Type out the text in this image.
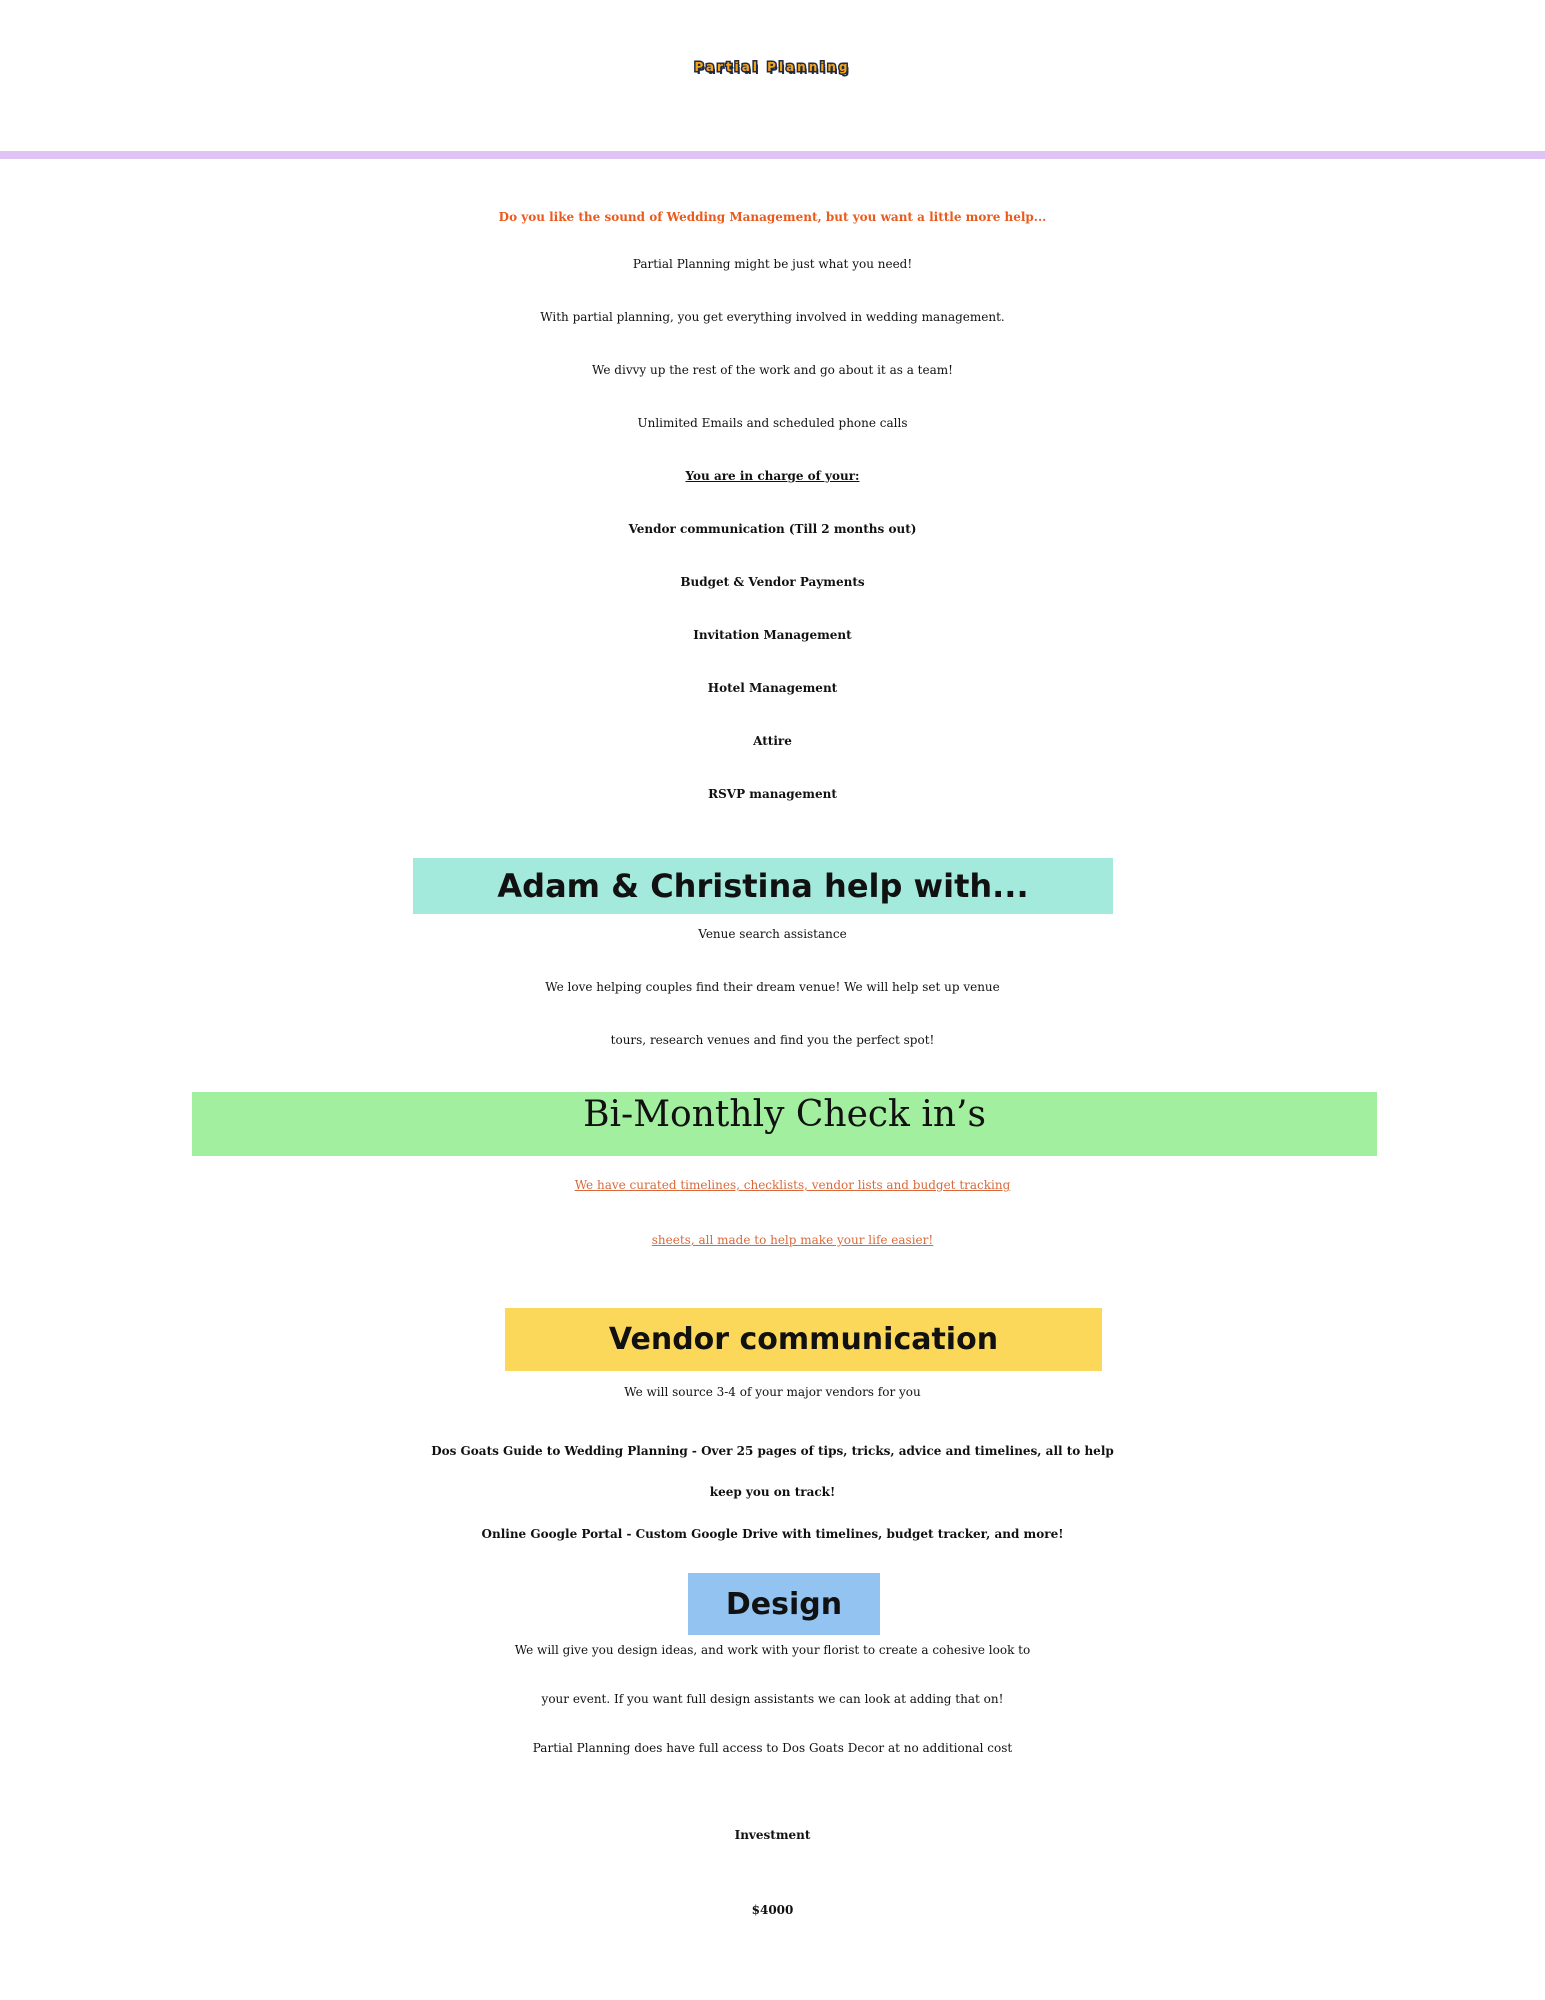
Partial Planning

Do you like the sound of Wedding Management, but you want a little more help...

Partial Planning might be just what you need!

With partial planning, you get everything involved in wedding management.

We divvy up the rest of the work and go about it as a team!

Unlimited Emails and scheduled phone calls

You are in charge of your:

Vendor communication (Till 2 months out)

Budget & Vendor Payments

Invitation Management

Hotel Management

Attire

RSVP management

Adam & Christina help with...

Venue search assistance

We love helping couples find their dream venue! We will help set up venue

tours, research venues and find you the perfect spot!

Bi-Monthly Check in’s

We have curated timelines, checklists, vendor lists and budget tracking

sheets, all made to help make your life easier!

Vendor communication

We will source 3-4 of your major vendors for you

Dos Goats Guide to Wedding Planning - Over 25 pages of tips, tricks, advice and timelines, all to help

keep you on track!

Online Google Portal - Custom Google Drive with timelines, budget tracker, and more!

Design

We will give you design ideas, and work with your florist to create a cohesive look to

your event. If you want full design assistants we can look at adding that on!

Partial Planning does have full access to Dos Goats Decor at no additional cost

Investment

$4000
